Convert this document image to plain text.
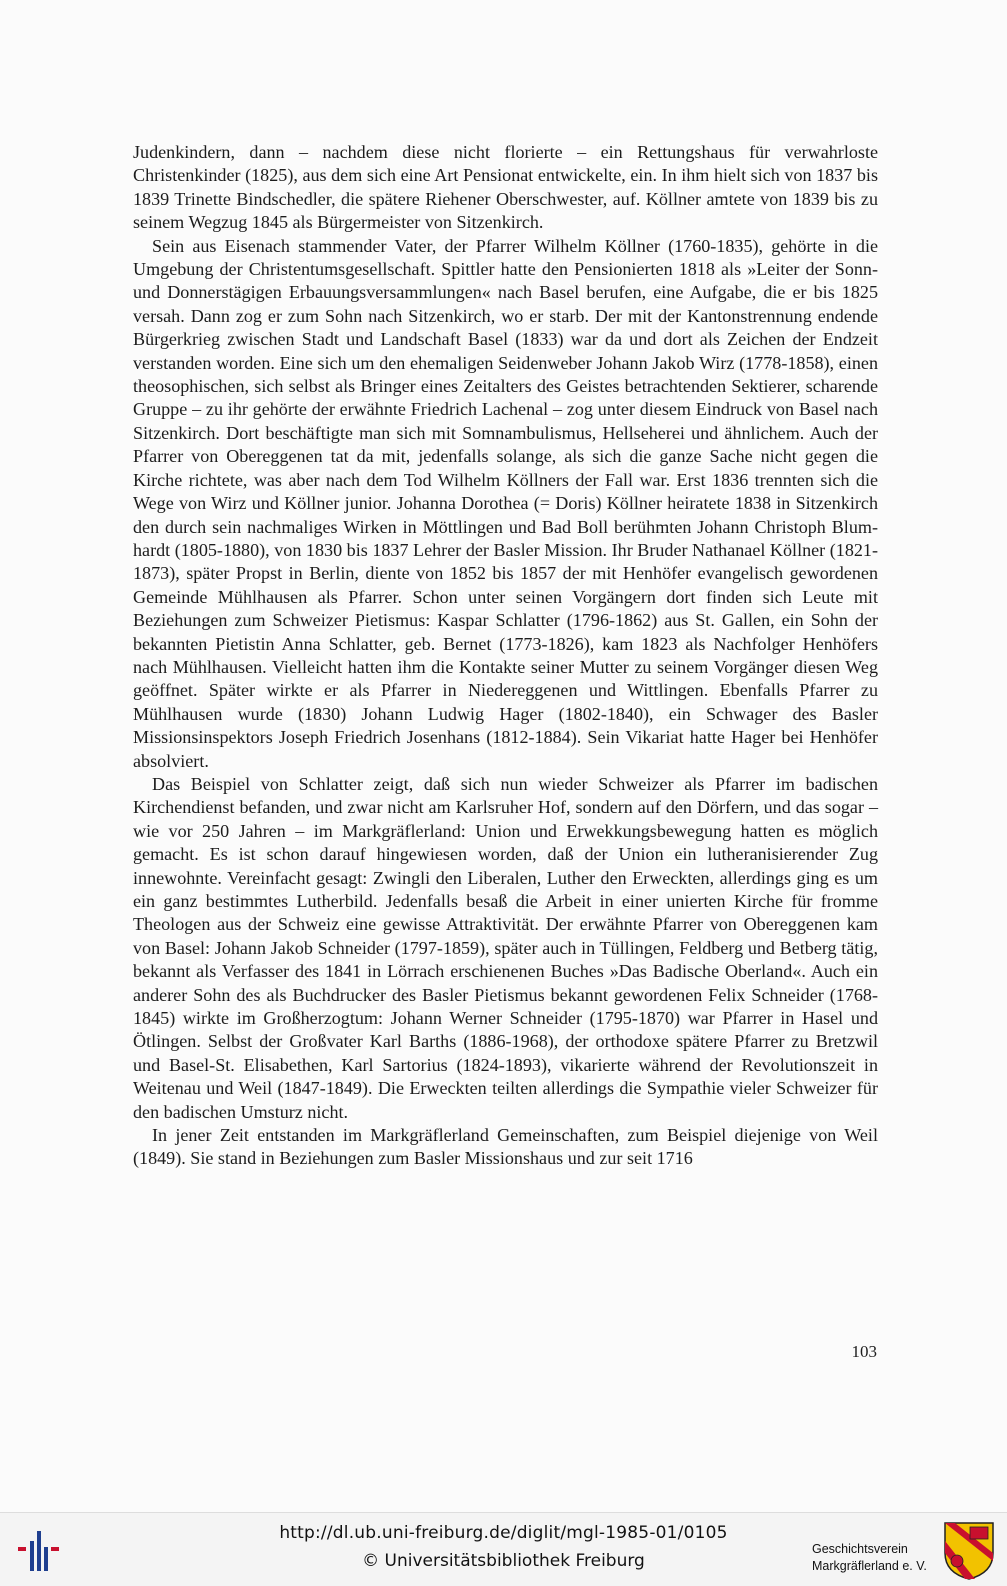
Judenkindern, dann – nachdem diese nicht florierte – ein Rettungshaus für verwahrloste Christenkinder (1825), aus dem sich eine Art Pensionat entwickelte, ein. In ihm hielt sich von 1837 bis 1839 Trinette Bindschedler, die spätere Riehener Oberschwester, auf. Köllner amtete von 1839 bis zu seinem Wegzug 1845 als Bürgermeister von Sitzenkirch.

Sein aus Eisenach stammender Vater, der Pfarrer Wilhelm Köllner (1760-1835), gehörte in die Umgebung der Christentumsgesellschaft. Spittler hatte den Pensionierten 1818 als »Leiter der Sonn- und Donnerstägigen Erbauungsversammlungen« nach Basel berufen, eine Aufgabe, die er bis 1825 versah. Dann zog er zum Sohn nach Sitzenkirch, wo er starb. Der mit der Kantonstrennung endende Bürgerkrieg zwischen Stadt und Landschaft Basel (1833) war da und dort als Zeichen der Endzeit verstanden worden. Eine sich um den ehemaligen Seidenweber Johann Jakob Wirz (1778-1858), einen theosophischen, sich selbst als Bringer eines Zeitalters des Geistes betrachtenden Sektierer, scharende Gruppe – zu ihr gehörte der erwähnte Friedrich Lachenal – zog unter diesem Eindruck von Basel nach Sitzenkirch. Dort beschäftigte man sich mit Somnambulismus, Hellseherei und ähnlichem. Auch der Pfarrer von Obereggenen tat da mit, jedenfalls solange, als sich die ganze Sache nicht gegen die Kirche richtete, was aber nach dem Tod Wilhelm Köllners der Fall war. Erst 1836 trennten sich die Wege von Wirz und Köllner junior. Johanna Dorothea (= Doris) Köllner heiratete 1838 in Sitzenkirch den durch sein nachmaliges Wirken in Möttlingen und Bad Boll berühmten Johann Christoph Blumhardt (1805-1880), von 1830 bis 1837 Lehrer der Basler Mission. Ihr Bruder Nathanael Köllner (1821-1873), später Propst in Berlin, diente von 1852 bis 1857 der mit Henhöfer evangelisch gewordenen Gemeinde Mühlhausen als Pfarrer. Schon unter seinen Vorgängern dort finden sich Leute mit Beziehungen zum Schweizer Pietismus: Kaspar Schlatter (1796-1862) aus St. Gallen, ein Sohn der bekannten Pietistin Anna Schlatter, geb. Bernet (1773-1826), kam 1823 als Nachfolger Henhöfers nach Mühlhausen. Vielleicht hatten ihm die Kontakte seiner Mutter zu seinem Vorgänger diesen Weg geöffnet. Später wirkte er als Pfarrer in Niedereggenen und Wittlingen. Ebenfalls Pfarrer zu Mühlhausen wurde (1830) Johann Ludwig Hager (1802-1840), ein Schwager des Basler Missionsinspektors Joseph Friedrich Josenhans (1812-1884). Sein Vikariat hatte Hager bei Henhöfer absolviert.

Das Beispiel von Schlatter zeigt, daß sich nun wieder Schweizer als Pfarrer im badischen Kirchendienst befanden, und zwar nicht am Karlsruher Hof, sondern auf den Dörfern, und das sogar – wie vor 250 Jahren – im Markgräflerland: Union und Erwekkungsbewegung hatten es möglich gemacht. Es ist schon darauf hingewiesen worden, daß der Union ein lutheranisierender Zug innewohnte. Vereinfacht gesagt: Zwingli den Liberalen, Luther den Erweckten, allerdings ging es um ein ganz bestimmtes Lutherbild. Jedenfalls besaß die Arbeit in einer unierten Kirche für fromme Theologen aus der Schweiz eine gewisse Attraktivität. Der erwähnte Pfarrer von Obereggenen kam von Basel: Johann Jakob Schneider (1797-1859), später auch in Tüllingen, Feldberg und Betberg tätig, bekannt als Verfasser des 1841 in Lörrach erschienenen Buches »Das Badische Oberland«. Auch ein anderer Sohn des als Buchdrucker des Basler Pietismus bekannt gewordenen Felix Schneider (1768-1845) wirkte im Großherzogtum: Johann Werner Schneider (1795-1870) war Pfarrer in Hasel und Ötlingen. Selbst der Großvater Karl Barths (1886-1968), der orthodoxe spätere Pfarrer zu Bretzwil und Basel-St. Elisabethen, Karl Sartorius (1824-1893), vikarierte während der Revolutionszeit in Weitenau und Weil (1847-1849). Die Erweckten teilten allerdings die Sympathie vieler Schweizer für den badischen Umsturz nicht.

In jener Zeit entstanden im Markgräflerland Gemeinschaften, zum Beispiel diejenige von Weil (1849). Sie stand in Beziehungen zum Basler Missionshaus und zur seit 1716

103
http://dl.ub.uni-freiburg.de/diglit/mgl-1985-01/0105
© Universitätsbibliothek Freiburg
Geschichtsverein
Markgräflerland e. V.
